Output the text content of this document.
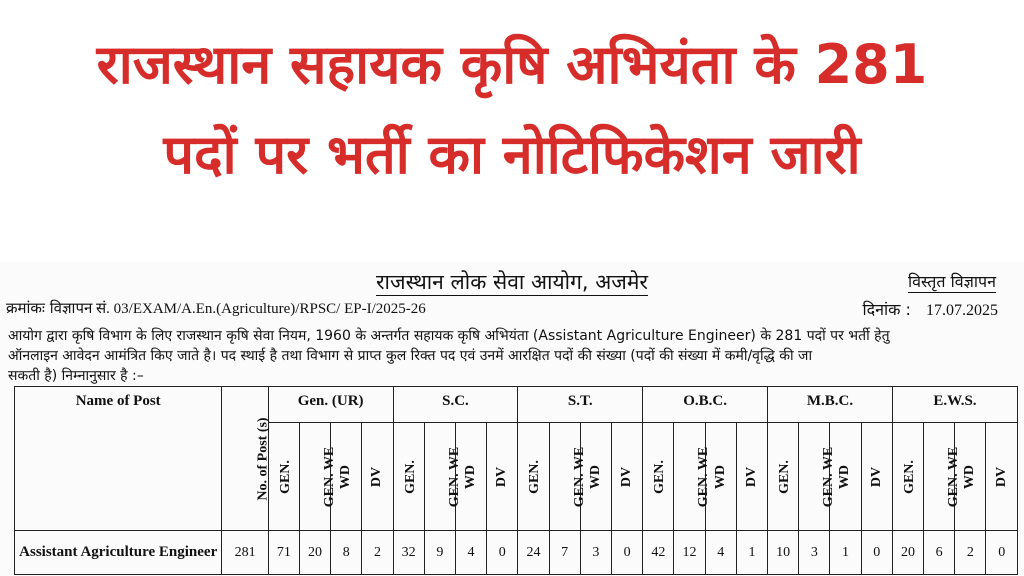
राजस्थान सहायक कृषि अभियंता के 281
पदों पर भर्ती का नोटिफिकेशन जारी
राजस्थान लोक सेवा आयोग, अजमेर	विस्तृत विज्ञापन
क्रमांकः विज्ञापन सं. 03/EXAM/A.En.(Agriculture)/RPSC/ EP-I/2025-26	दिनांक : 17.07.2025
आयोग द्वारा कृषि विभाग के लिए राजस्थान कृषि सेवा नियम, 1960 के अन्तर्गत सहायक कृषि अभियंता (Assistant Agriculture Engineer) के 281 पदों पर भर्ती हेतु
ऑनलाइन आवेदन आमंत्रित किए जाते है। पद स्थाई है तथा विभाग से प्राप्त कुल रिक्त पद एवं उनमें आरक्षित पदों की संख्या (पदों की संख्या में कमी/वृद्धि की जा
सकती है) निम्नानुसार है :–
Name of Post	No. of Post (s)	Gen. (UR)				S.C.				S.T.				O.B.C.				M.B.C.				E.W.S.			
		GEN.	GEN. WE	WD	DV	GEN.	GEN. WE	WD	DV	GEN.	GEN. WE	WD	DV	GEN.	GEN. WE	WD	DV	GEN.	GEN. WE	WD	DV	GEN.	GEN. WE	WD	DV
Assistant Agriculture Engineer	281	71	20	8	2	32	9	4	0	24	7	3	0	42	12	4	1	10	3	1	0	20	6	2	0
